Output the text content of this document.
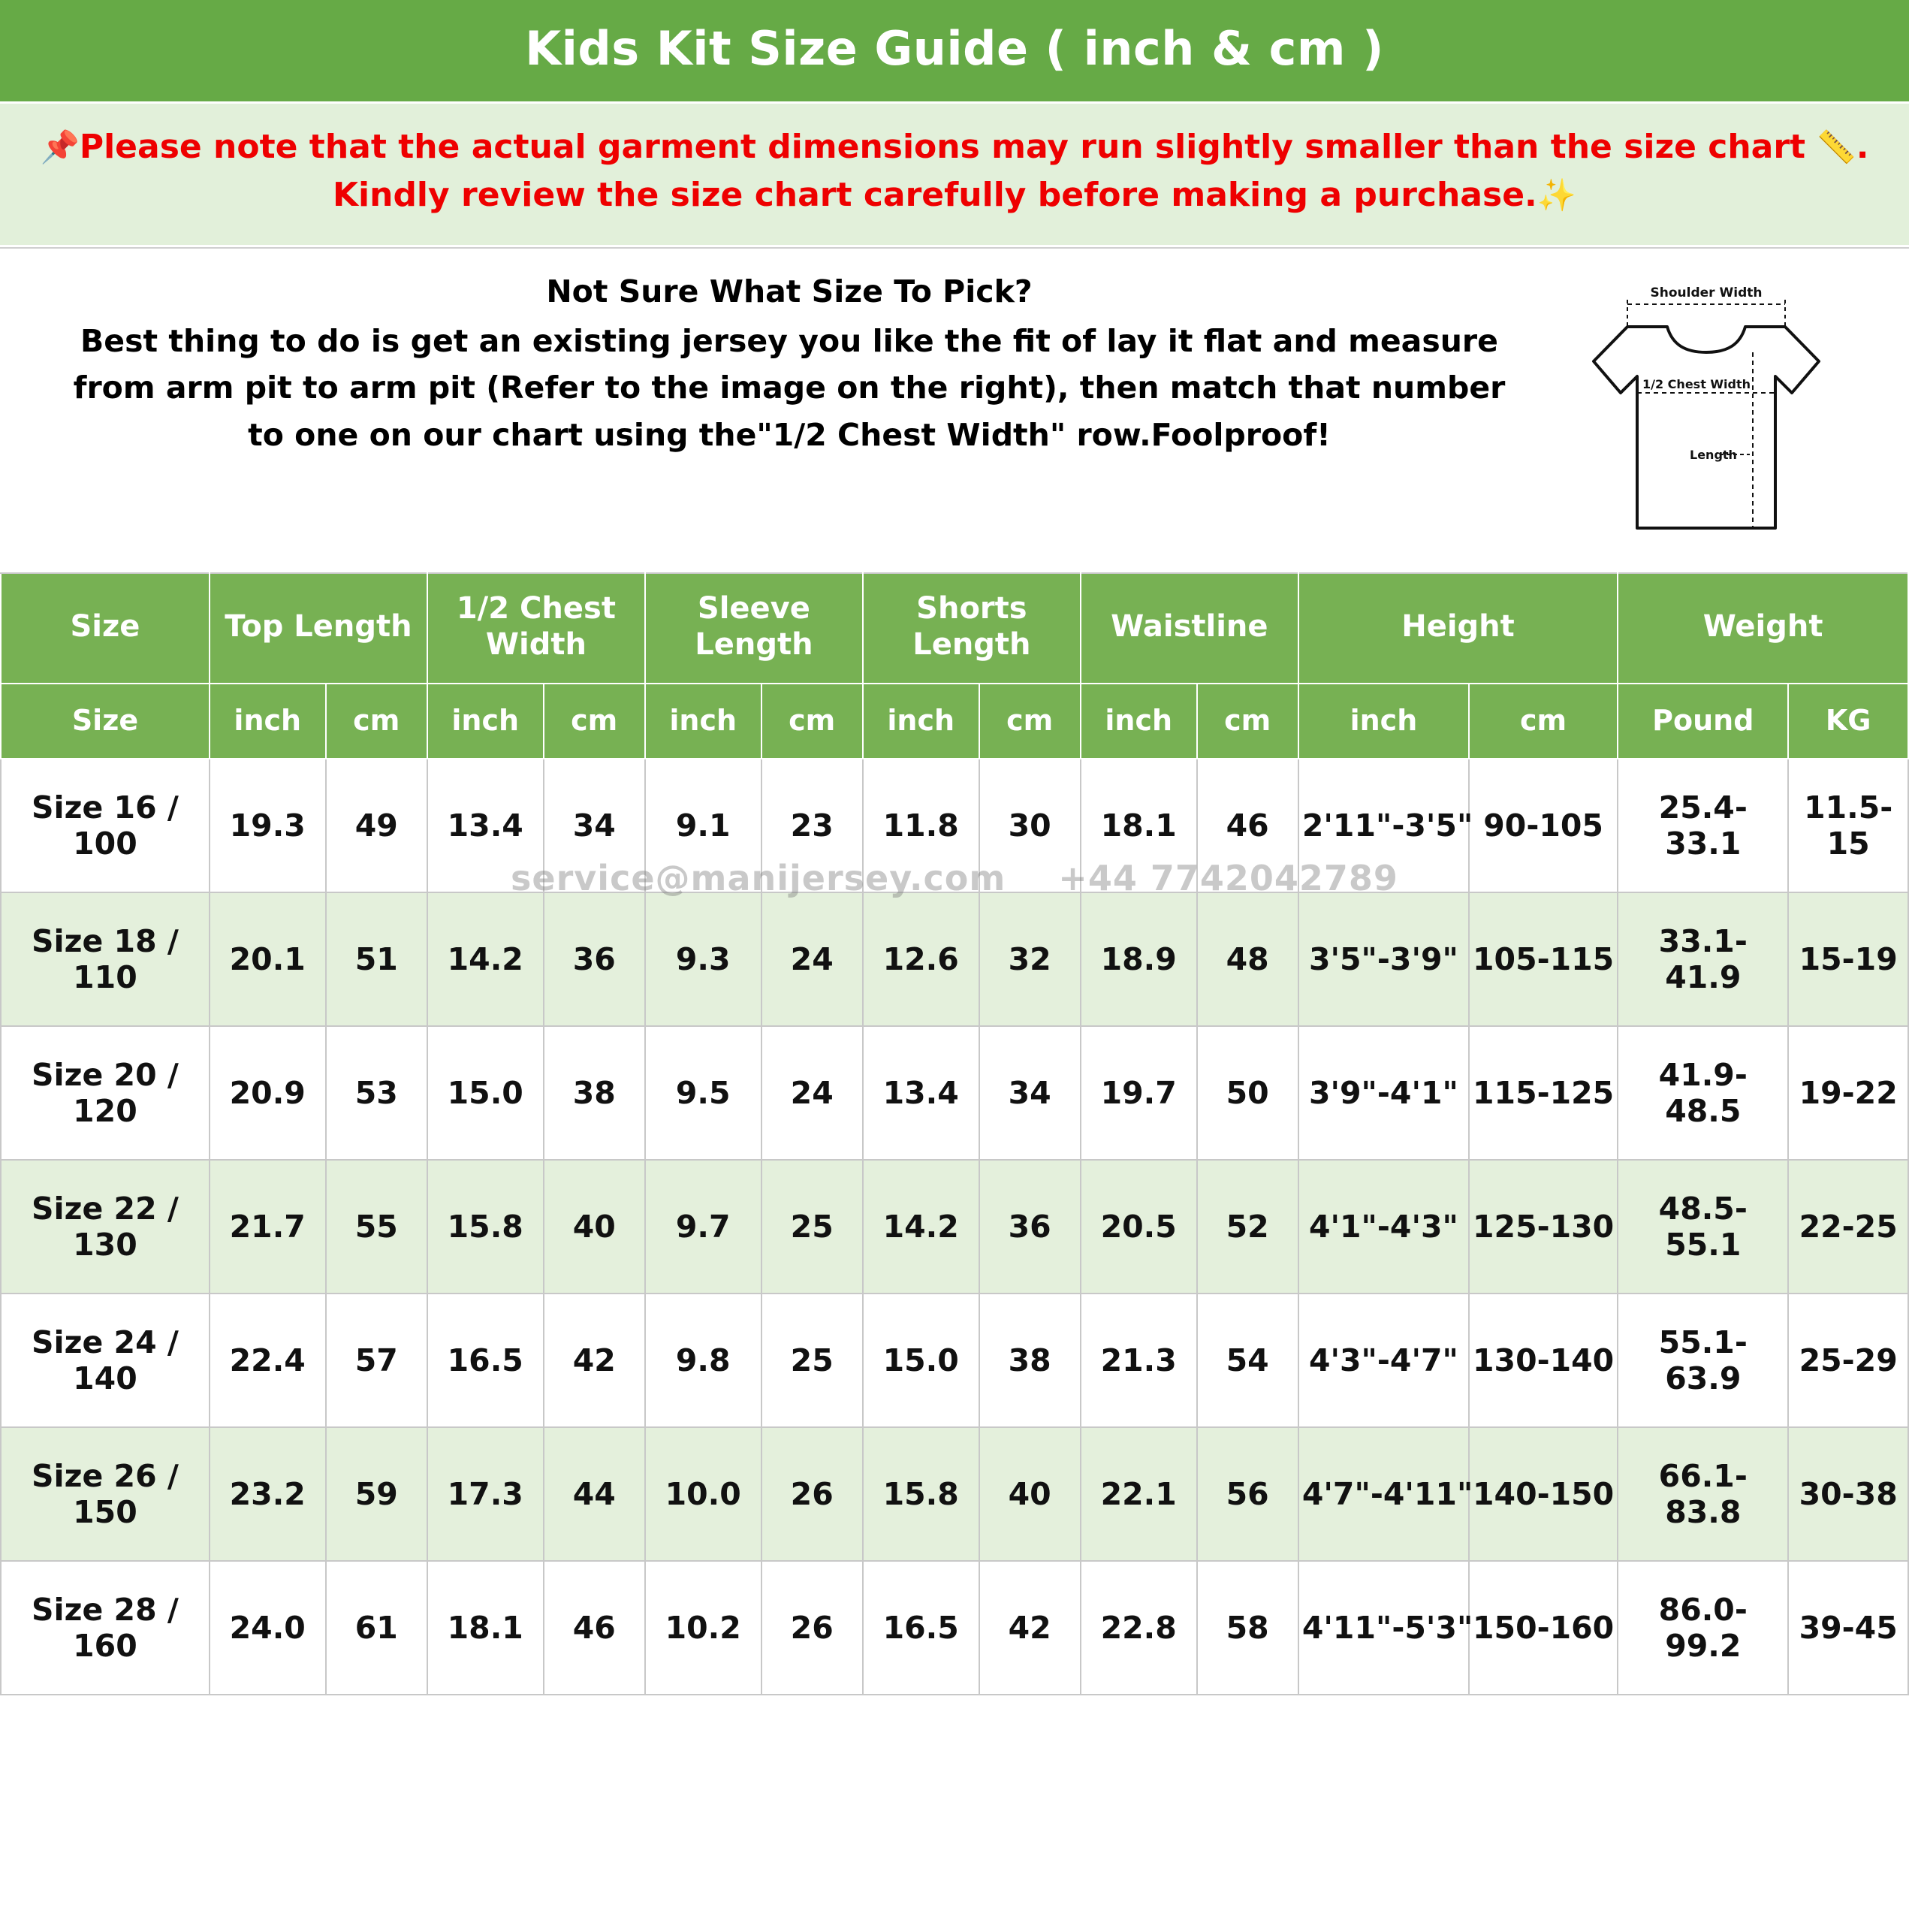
Kids Kit Size Guide ( inch & cm )
📌Please note that the actual garment dimensions may run slightly smaller than the size chart 📏.
Kindly review the size chart carefully before making a purchase.✨
Not Sure What Size To Pick?
Best thing to do is get an existing jersey you like the fit of lay it flat and measure
from arm pit to arm pit (Refer to the image on the right), then match that number
to one on our chart using the"1/2 Chest Width" row.Foolproof!
Shoulder Width
1/2 Chest Width
Length
Size	Top Length		1/2 Chest Width		Sleeve Length		Shorts Length		Waistline		Height		Weight	
Size	inch	cm	inch	cm	inch	cm	inch	cm	inch	cm	inch	cm	Pound	KG
Size 16 / 100	19.3	49	13.4	34	9.1	23	11.8	30	18.1	46	2'11"-3'5"	90-105	25.4-33.1	11.5-15
Size 18 / 110	20.1	51	14.2	36	9.3	24	12.6	32	18.9	48	3'5"-3'9"	105-115	33.1-41.9	15-19
Size 20 / 120	20.9	53	15.0	38	9.5	24	13.4	34	19.7	50	3'9"-4'1"	115-125	41.9-48.5	19-22
Size 22 / 130	21.7	55	15.8	40	9.7	25	14.2	36	20.5	52	4'1"-4'3"	125-130	48.5-55.1	22-25
Size 24 / 140	22.4	57	16.5	42	9.8	25	15.0	38	21.3	54	4'3"-4'7"	130-140	55.1-63.9	25-29
Size 26 / 150	23.2	59	17.3	44	10.0	26	15.8	40	22.1	56	4'7"-4'11"	140-150	66.1-83.8	30-38
Size 28 / 160	24.0	61	18.1	46	10.2	26	16.5	42	22.8	58	4'11"-5'3"	150-160	86.0-99.2	39-45
service@manijersey.com +44 7742042789
